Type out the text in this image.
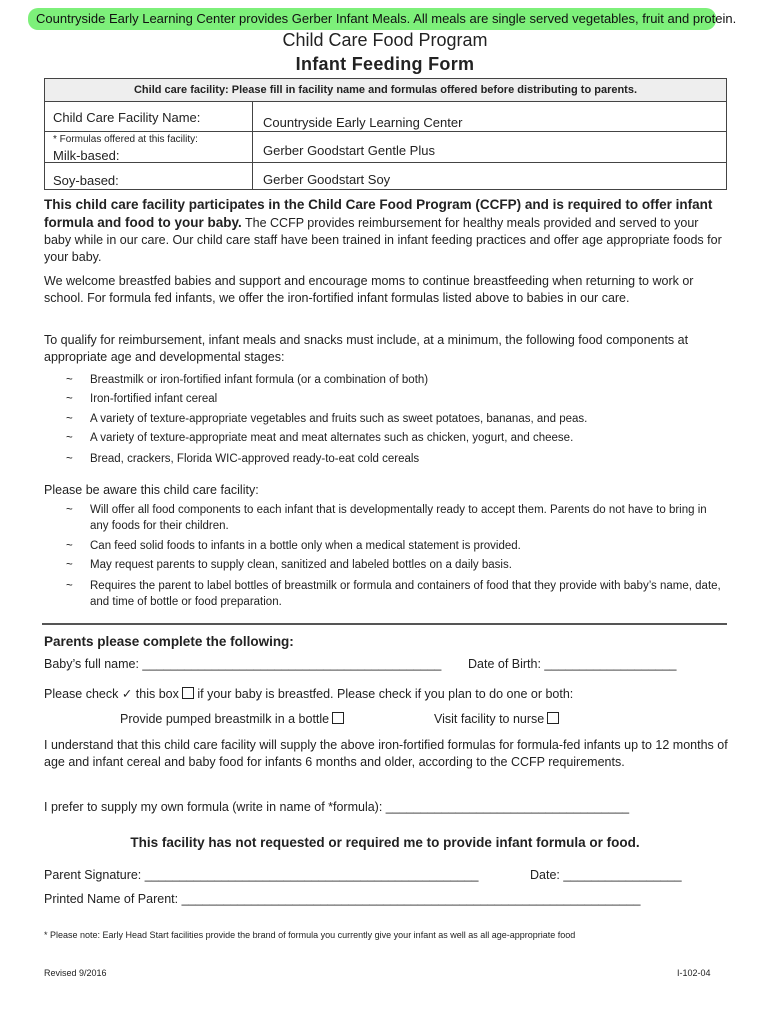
Countryside Early Learning Center provides Gerber Infant Meals. All meals are single served vegetables, fruit and protein.
Child Care Food Program
Infant Feeding Form
Child care facility: Please fill in facility name and formulas offered before distributing to parents.
Child Care Facility Name:	Countryside Early Learning Center
* Formulas offered at this facility:
Milk-based:	Gerber Goodstart Gentle Plus
Soy-based:	Gerber Goodstart Soy
This child care facility participates in the Child Care Food Program (CCFP) and is required to offer infant formula and food to your baby. The CCFP provides reimbursement for healthy meals provided and served to your baby while in our care. Our child care staff have been trained in infant feeding practices and offer age appropriate foods for your baby.
We welcome breastfed babies and support and encourage moms to continue breastfeeding when returning to work or school. For formula fed infants, we offer the iron-fortified infant formulas listed above to babies in our care.
To qualify for reimbursement, infant meals and snacks must include, at a minimum, the following food components at appropriate age and developmental stages:
~ Breastmilk or iron-fortified infant formula (or a combination of both)
~ Iron-fortified infant cereal
~ A variety of texture-appropriate vegetables and fruits such as sweet potatoes, bananas, and peas.
~ A variety of texture-appropriate meat and meat alternates such as chicken, yogurt, and cheese.
~ Bread, crackers, Florida WIC-approved ready-to-eat cold cereals
Please be aware this child care facility:
~ Will offer all food components to each infant that is developmentally ready to accept them. Parents do not have to bring in any foods for their children.
~ Can feed solid foods to infants in a bottle only when a medical statement is provided.
~ May request parents to supply clean, sanitized and labeled bottles on a daily basis.
~ Requires the parent to label bottles of breastmilk or formula and containers of food that they provide with baby’s name, date, and time of bottle or food preparation.
Parents please complete the following:
Baby’s full name: ___________________________________________ Date of Birth: ___________________
Please check ✓ this box if your baby is breastfed. Please check if you plan to do one or both:
Provide pumped breastmilk in a bottle	Visit facility to nurse
I understand that this child care facility will supply the above iron-fortified formulas for formula-fed infants up to 12 months of age and infant cereal and baby food for infants 6 months and older, according to the CCFP requirements.
I prefer to supply my own formula (write in name of *formula): ___________________________________
This facility has not requested or required me to provide infant formula or food.
Parent Signature: ________________________________________________	Date: _________________
Printed Name of Parent: __________________________________________________________________
* Please note: Early Head Start facilities provide the brand of formula you currently give your infant as well as all age-appropriate food
Revised 9/2016	I-102-04
